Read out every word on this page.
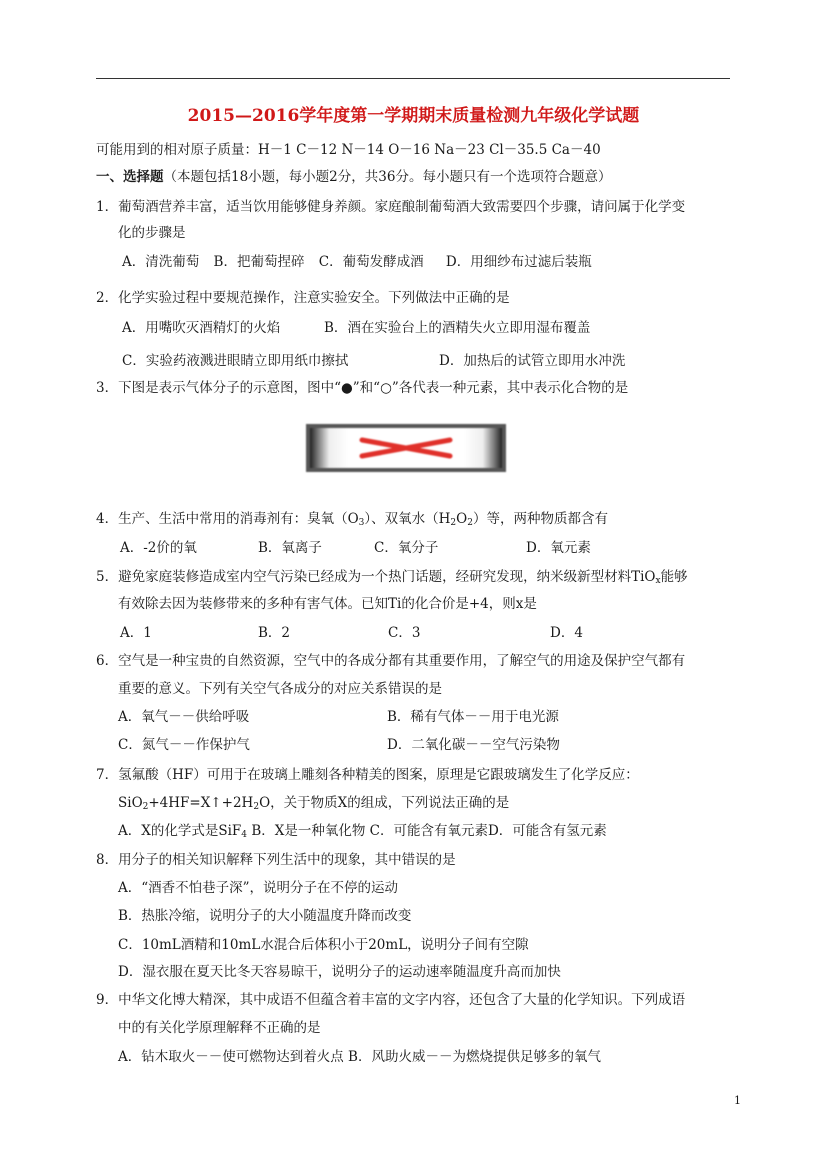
2015—2016学年度第一学期期末质量检测九年级化学试题
可能用到的相对原子质量：H－1 C－12 N－14 O－16 Na－23 Cl－35.5 Ca－40
一、选择题（本题包括18小题，每小题2分，共36分。每小题只有一个选项符合题意）
1．葡萄酒营养丰富，适当饮用能够健身养颜。家庭酿制葡萄酒大致需要四个步骤，请问属于化学变
化的步骤是
A．清洗葡萄 B．把葡萄捏碎 C．葡萄发酵成酒 D．用细纱布过滤后装瓶
2．化学实验过程中要规范操作，注意实验安全。下列做法中正确的是
A．用嘴吹灭酒精灯的火焰	B．酒在实验台上的酒精失火立即用湿布覆盖
C．实验药液溅进眼睛立即用纸巾擦拭	D．加热后的试管立即用水冲洗
3．下图是表示气体分子的示意图，图中“●”和“○”各代表一种元素，其中表示化合物的是
4．生产、生活中常用的消毒剂有：臭氧$(O_3)$、双氧水$(H_2O_2)$等，两种物质都含有
A．-2价的氧	B．氧离子	C．氧分子	D．氧元素
5．避免家庭装修造成室内空气污染已经成为一个热门话题，经研究发现，纳米级新型材料TiO$_x$能够
有效除去因为装修带来的多种有害气体。已知Ti的化合价是+4，则x是
A．1	B．2	C．3	D．4
6．空气是一种宝贵的自然资源，空气中的各成分都有其重要作用，了解空气的用途及保护空气都有
重要的意义。下列有关空气各成分的对应关系错误的是
A．氧气－－供给呼吸	B．稀有气体－－用于电光源
C．氮气－－作保护气	D．二氧化碳－－空气污染物
7．氢氟酸（HF）可用于在玻璃上雕刻各种精美的图案，原理是它跟玻璃发生了化学反应：
$SiO_2+4HF=X↑+2H_2O$，关于物质X的组成，下列说法正确的是
A．X的化学式是SiF$_4$ B．X是一种氧化物 C．可能含有氧元素D．可能含有氢元素
8．用分子的相关知识解释下列生活中的现象，其中错误的是
A．“酒香不怕巷子深”，说明分子在不停的运动
B．热胀冷缩，说明分子的大小随温度升降而改变
C．10mL酒精和10mL水混合后体积小于20mL，说明分子间有空隙
D．湿衣服在夏天比冬天容易晾干，说明分子的运动速率随温度升高而加快
9．中华文化博大精深，其中成语不但蕴含着丰富的文字内容，还包含了大量的化学知识。下列成语
中的有关化学原理解释不正确的是
A．钻木取火－－使可燃物达到着火点 B．风助火威－－为燃烧提供足够多的氧气
1
